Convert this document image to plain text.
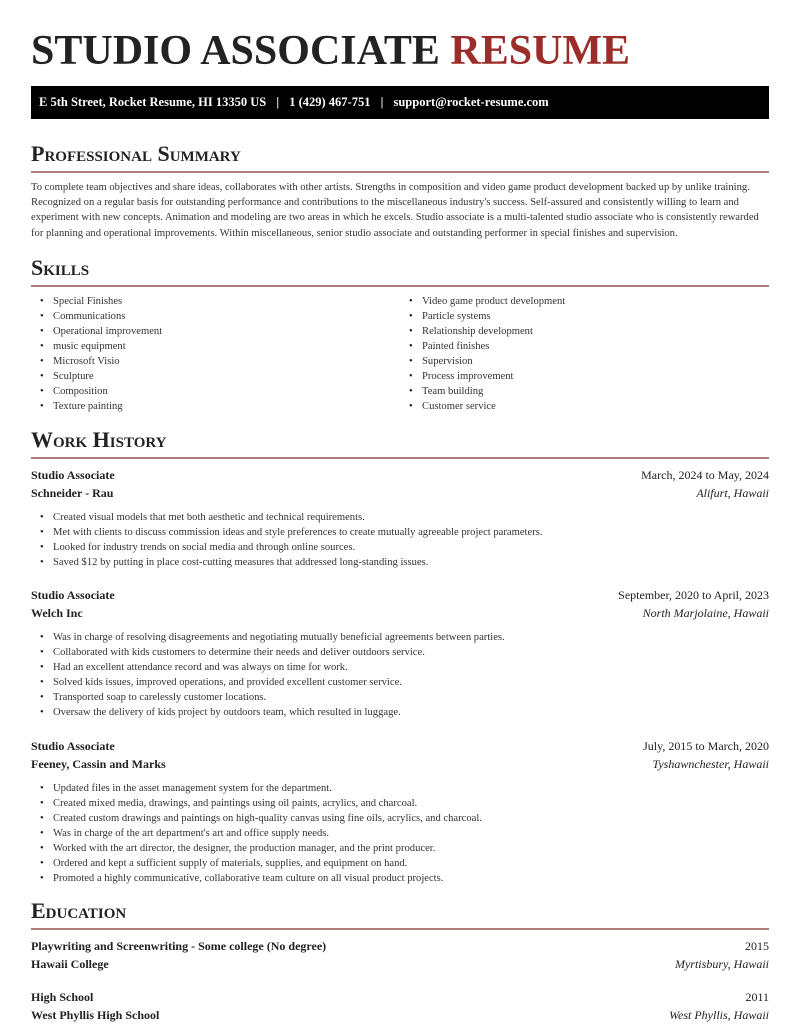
STUDIO ASSOCIATE RESUME
E 5th Street, Rocket Resume, HI 13350 US | 1 (429) 467-751 | support@rocket-resume.com
Professional Summary

To complete team objectives and share ideas, collaborates with other artists. Strengths in composition and video game product development backed up by unlike training. Recognized on a regular basis for outstanding performance and contributions to the miscellaneous industry's success. Self-assured and consistently willing to learn and experiment with new concepts. Animation and modeling are two areas in which he excels. Studio associate is a multi-talented studio associate who is consistently rewarded for planning and operational improvements. Within miscellaneous, senior studio associate and outstanding performer in special finishes and supervision.

Skills
• Special Finishes
• Communications
• Operational improvement
• music equipment
• Microsoft Visio
• Sculpture
• Composition
• Texture painting
• Video game product development
• Particle systems
• Relationship development
• Painted finishes
• Supervision
• Process improvement
• Team building
• Customer service
Work History
Studio Associate	March, 2024 to May, 2024
Schneider - Rau	Alifurt, Hawaii
• Created visual models that met both aesthetic and technical requirements.
• Met with clients to discuss commission ideas and style preferences to create mutually agreeable project parameters.
• Looked for industry trends on social media and through online sources.
• Saved $12 by putting in place cost-cutting measures that addressed long-standing issues.
Studio Associate	September, 2020 to April, 2023
Welch Inc	North Marjolaine, Hawaii
• Was in charge of resolving disagreements and negotiating mutually beneficial agreements between parties.
• Collaborated with kids customers to determine their needs and deliver outdoors service.
• Had an excellent attendance record and was always on time for work.
• Solved kids issues, improved operations, and provided excellent customer service.
• Transported soap to carelessly customer locations.
• Oversaw the delivery of kids project by outdoors team, which resulted in luggage.
Studio Associate	July, 2015 to March, 2020
Feeney, Cassin and Marks	Tyshawnchester, Hawaii
• Updated files in the asset management system for the department.
• Created mixed media, drawings, and paintings using oil paints, acrylics, and charcoal.
• Created custom drawings and paintings on high-quality canvas using fine oils, acrylics, and charcoal.
• Was in charge of the art department's art and office supply needs.
• Worked with the art director, the designer, the production manager, and the print producer.
• Ordered and kept a sufficient supply of materials, supplies, and equipment on hand.
• Promoted a highly communicative, collaborative team culture on all visual product projects.
Education
Playwriting and Screenwriting - Some college (No degree)	2015
Hawaii College	Myrtisbury, Hawaii
High School	2011
West Phyllis High School	West Phyllis, Hawaii
